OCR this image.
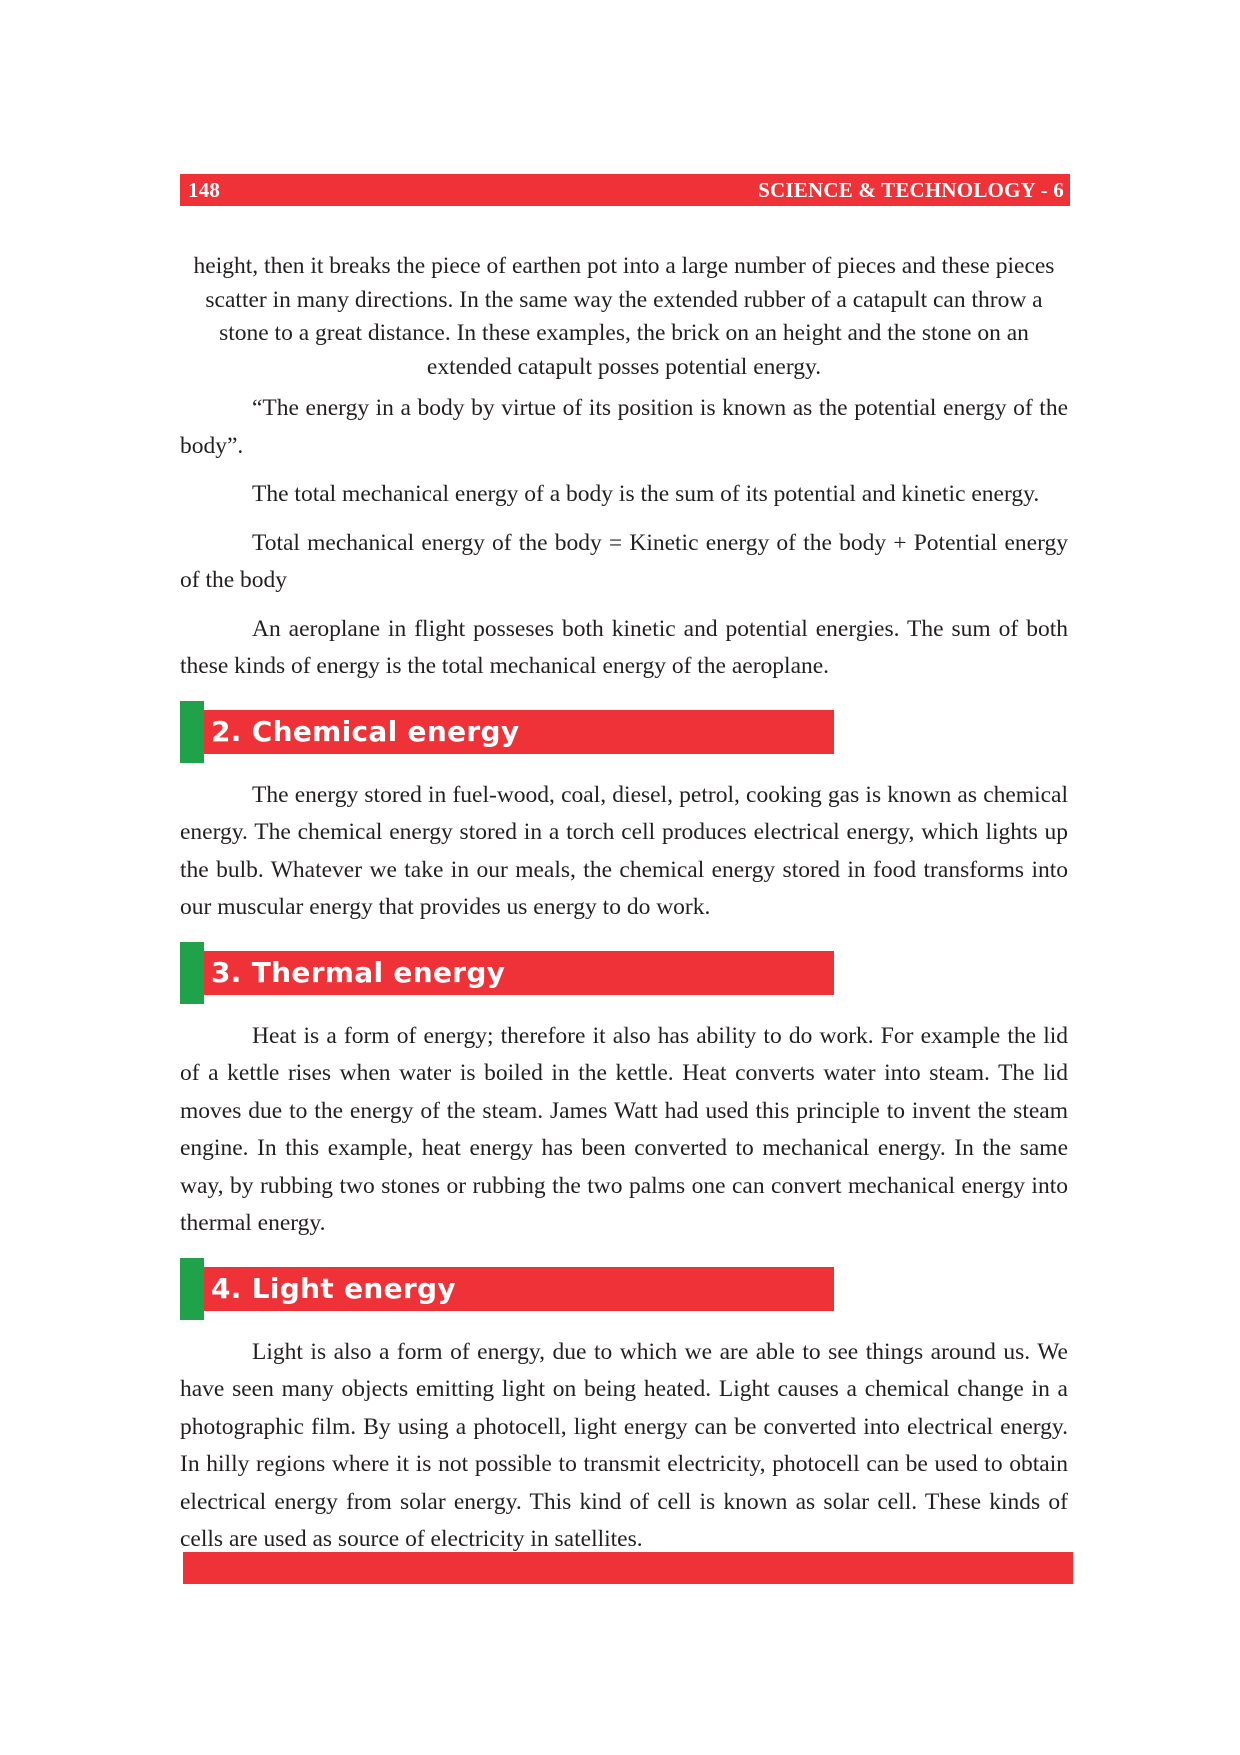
148	SCIENCE & TECHNOLOGY - 6

height, then it breaks the piece of earthen pot into a large number of pieces and these pieces scatter in many directions. In the same way the extended rubber of a catapult can throw a stone to a great distance. In these examples, the brick on an height and the stone on an extended catapult posses potential energy.

“The energy in a body by virtue of its position is known as the potential energy of the body”.

The total mechanical energy of a body is the sum of its potential and kinetic energy.

Total mechanical energy of the body = Kinetic energy of the body + Potential energy of the body

An aeroplane in flight posseses both kinetic and potential energies. The sum of both these kinds of energy is the total mechanical energy of the aeroplane.

2. Chemical energy

The energy stored in fuel-wood, coal, diesel, petrol, cooking gas is known as chemical energy. The chemical energy stored in a torch cell produces electrical energy, which lights up the bulb. Whatever we take in our meals, the chemical energy stored in food transforms into our muscular energy that provides us energy to do work.

3. Thermal energy

Heat is a form of energy; therefore it also has ability to do work. For example the lid of a kettle rises when water is boiled in the kettle. Heat converts water into steam. The lid moves due to the energy of the steam. James Watt had used this principle to invent the steam engine. In this example, heat energy has been converted to mechanical energy. In the same way, by rubbing two stones or rubbing the two palms one can convert mechanical energy into thermal energy.

4. Light energy

Light is also a form of energy, due to which we are able to see things around us. We have seen many objects emitting light on being heated. Light causes a chemical change in a photographic film. By using a photocell, light energy can be converted into electrical energy. In hilly regions where it is not possible to transmit electricity, photocell can be used to obtain electrical energy from solar energy. This kind of cell is known as solar cell. These kinds of cells are used as source of electricity in satellites.
